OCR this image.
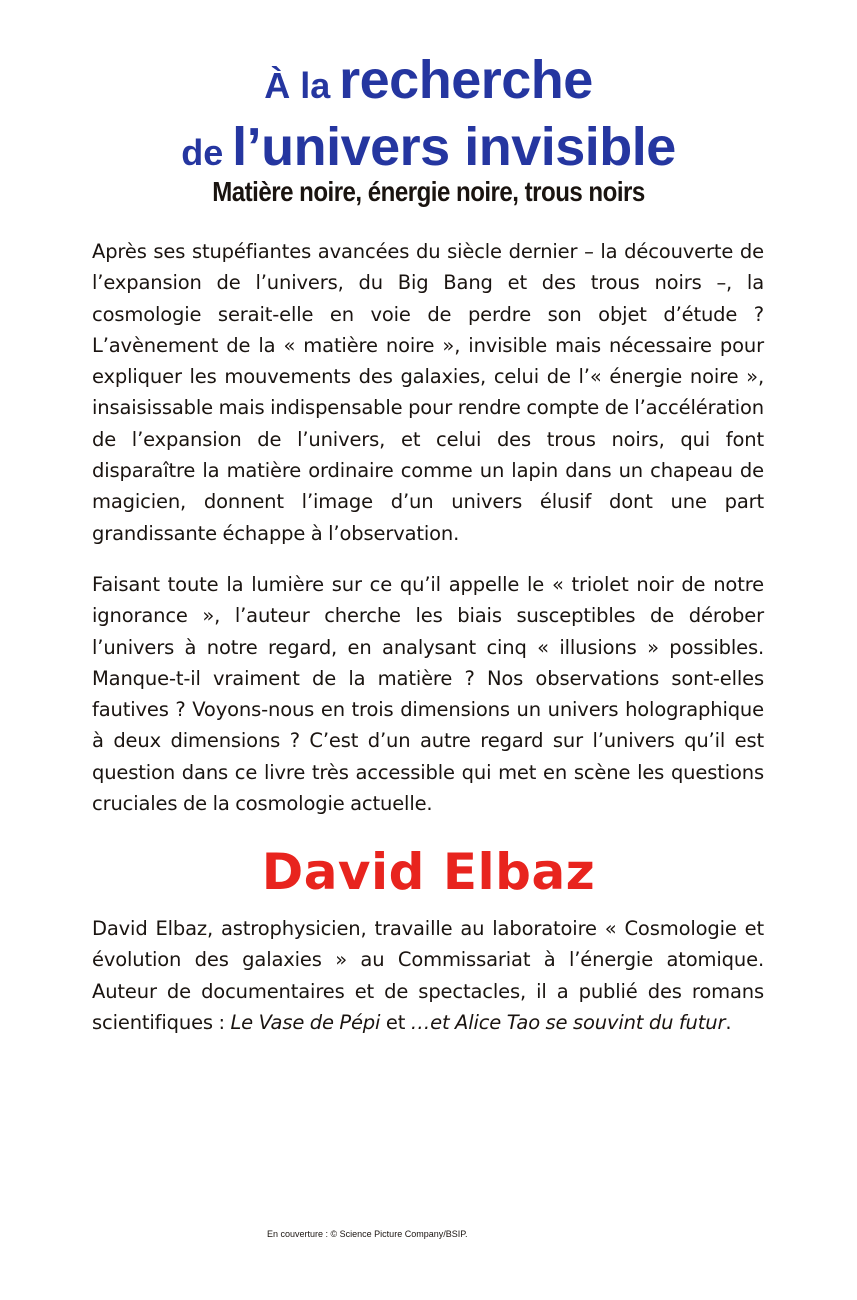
À la recherche
de l’univers invisible
Matière noire, énergie noire, trous noirs

Après ses stupéfiantes avancées du siècle dernier – la découverte de l’expansion de l’univers, du Big Bang et des trous noirs –, la cosmologie serait-elle en voie de perdre son objet d’étude ? L’avènement de la « matière noire », invisible mais nécessaire pour expliquer les mouvements des galaxies, celui de l’« énergie noire », insaisissable mais indispensable pour rendre compte de l’accélération de l’expansion de l’univers, et celui des trous noirs, qui font disparaître la matière ordinaire comme un lapin dans un chapeau de magicien, donnent l’image d’un univers élusif dont une part grandissante échappe à l’observation.

Faisant toute la lumière sur ce qu’il appelle le « triolet noir de notre ignorance », l’auteur cherche les biais susceptibles de dérober l’univers à notre regard, en analysant cinq « illusions » possibles. Manque-t-il vraiment de la matière ? Nos observations sont-elles fautives ? Voyons-nous en trois dimensions un univers holographique à deux dimensions ? C’est d’un autre regard sur l’univers qu’il est question dans ce livre très accessible qui met en scène les questions cruciales de la cosmologie actuelle.

David Elbaz

David Elbaz, astrophysicien, travaille au laboratoire « Cosmologie et évolution des galaxies » au Commissariat à l’énergie atomique. Auteur de documentaires et de spectacles, il a publié des romans scientifiques : Le Vase de Pépi et …et Alice Tao se souvint du futur.

En couverture : © Science Picture Company/BSIP.
